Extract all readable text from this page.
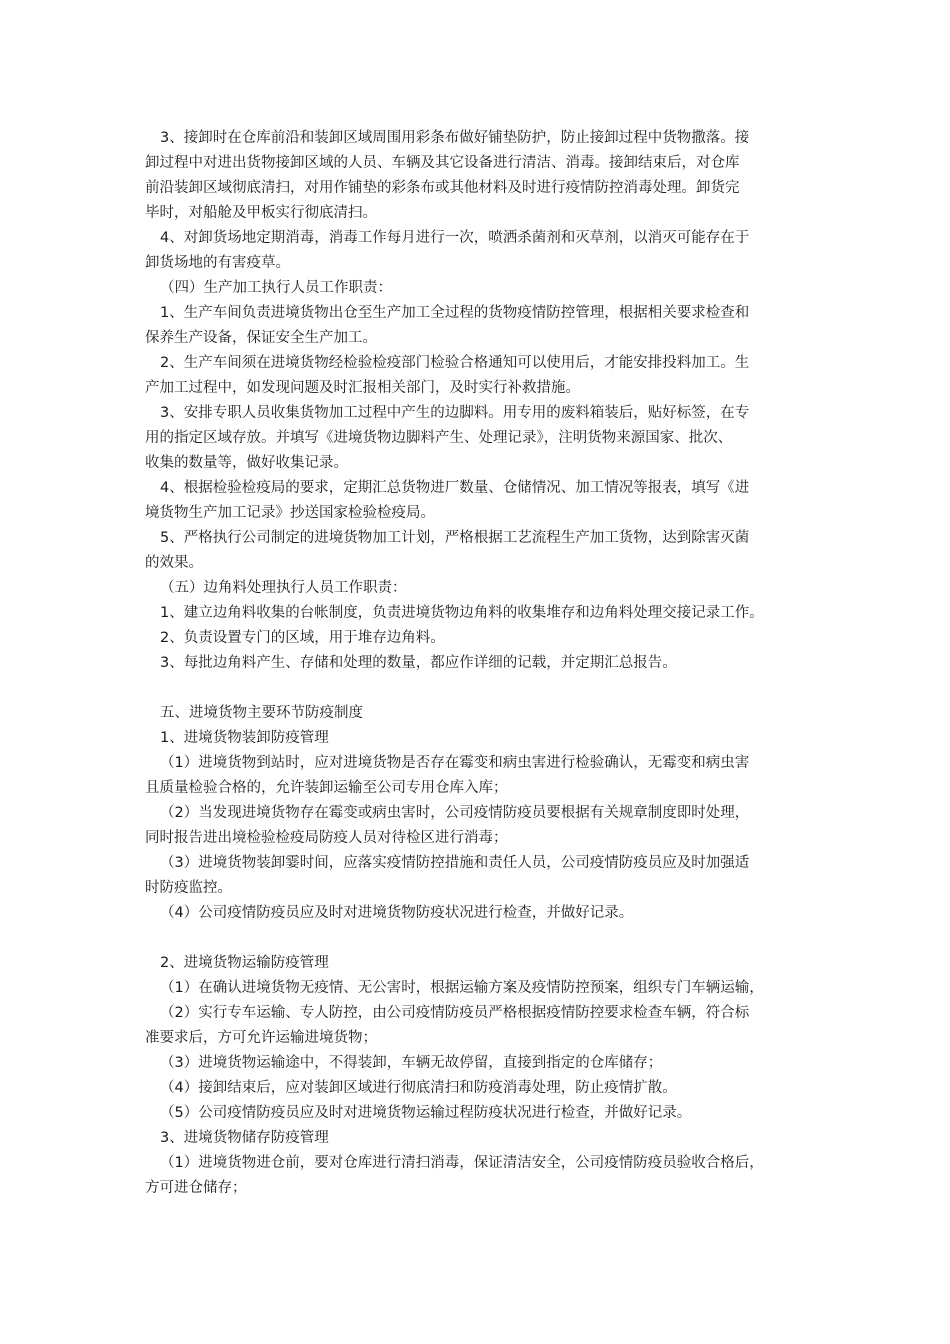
3、接卸时在仓库前沿和装卸区域周围用彩条布做好铺垫防护，防止接卸过程中货物撒落。接
卸过程中对进出货物接卸区域的人员、车辆及其它设备进行清洁、消毒。接卸结束后，对仓库
前沿装卸区域彻底清扫，对用作铺垫的彩条布或其他材料及时进行疫情防控消毒处理。卸货完
毕时，对船舱及甲板实行彻底清扫。
4、对卸货场地定期消毒，消毒工作每月进行一次，喷洒杀菌剂和灭草剂，以消灭可能存在于
卸货场地的有害疫草。
（四）生产加工执行人员工作职责：
1、生产车间负责进境货物出仓至生产加工全过程的货物疫情防控管理，根据相关要求检查和
保养生产设备，保证安全生产加工。
2、生产车间须在进境货物经检验检疫部门检验合格通知可以使用后，才能安排投料加工。生
产加工过程中，如发现问题及时汇报相关部门，及时实行补救措施。
3、安排专职人员收集货物加工过程中产生的边脚料。用专用的废料箱装后，贴好标签，在专
用的指定区域存放。并填写《进境货物边脚料产生、处理记录》，注明货物来源国家、批次、
收集的数量等，做好收集记录。
4、根据检验检疫局的要求，定期汇总货物进厂数量、仓储情况、加工情况等报表，填写《进
境货物生产加工记录》抄送国家检验检疫局。
5、严格执行公司制定的进境货物加工计划，严格根据工艺流程生产加工货物，达到除害灭菌
的效果。
（五）边角料处理执行人员工作职责：
1、建立边角料收集的台帐制度，负责进境货物边角料的收集堆存和边角料处理交接记录工作。
2、负责设置专门的区域，用于堆存边角料。
3、每批边角料产生、存储和处理的数量，都应作详细的记载，并定期汇总报告。
五、进境货物主要环节防疫制度
1、进境货物装卸防疫管理
（1）进境货物到站时，应对进境货物是否存在霉变和病虫害进行检验确认，无霉变和病虫害
且质量检验合格的，允许装卸运输至公司专用仓库入库；
（2）当发现进境货物存在霉变或病虫害时，公司疫情防疫员要根据有关规章制度即时处理，
同时报告进出境检验检疫局防疫人员对待检区进行消毒；
（3）进境货物装卸霎时间，应落实疫情防控措施和责任人员，公司疫情防疫员应及时加强适
时防疫监控。
（4）公司疫情防疫员应及时对进境货物防疫状况进行检查，并做好记录。
2、进境货物运输防疫管理
（1）在确认进境货物无疫情、无公害时，根据运输方案及疫情防控预案，组织专门车辆运输，
（2）实行专车运输、专人防控，由公司疫情防疫员严格根据疫情防控要求检查车辆，符合标
准要求后，方可允许运输进境货物；
（3）进境货物运输途中，不得装卸，车辆无故停留，直接到指定的仓库储存；
（4）接卸结束后，应对装卸区域进行彻底清扫和防疫消毒处理，防止疫情扩散。
（5）公司疫情防疫员应及时对进境货物运输过程防疫状况进行检查，并做好记录。
3、进境货物储存防疫管理
（1）进境货物进仓前，要对仓库进行清扫消毒，保证清洁安全，公司疫情防疫员验收合格后，
方可进仓储存；
